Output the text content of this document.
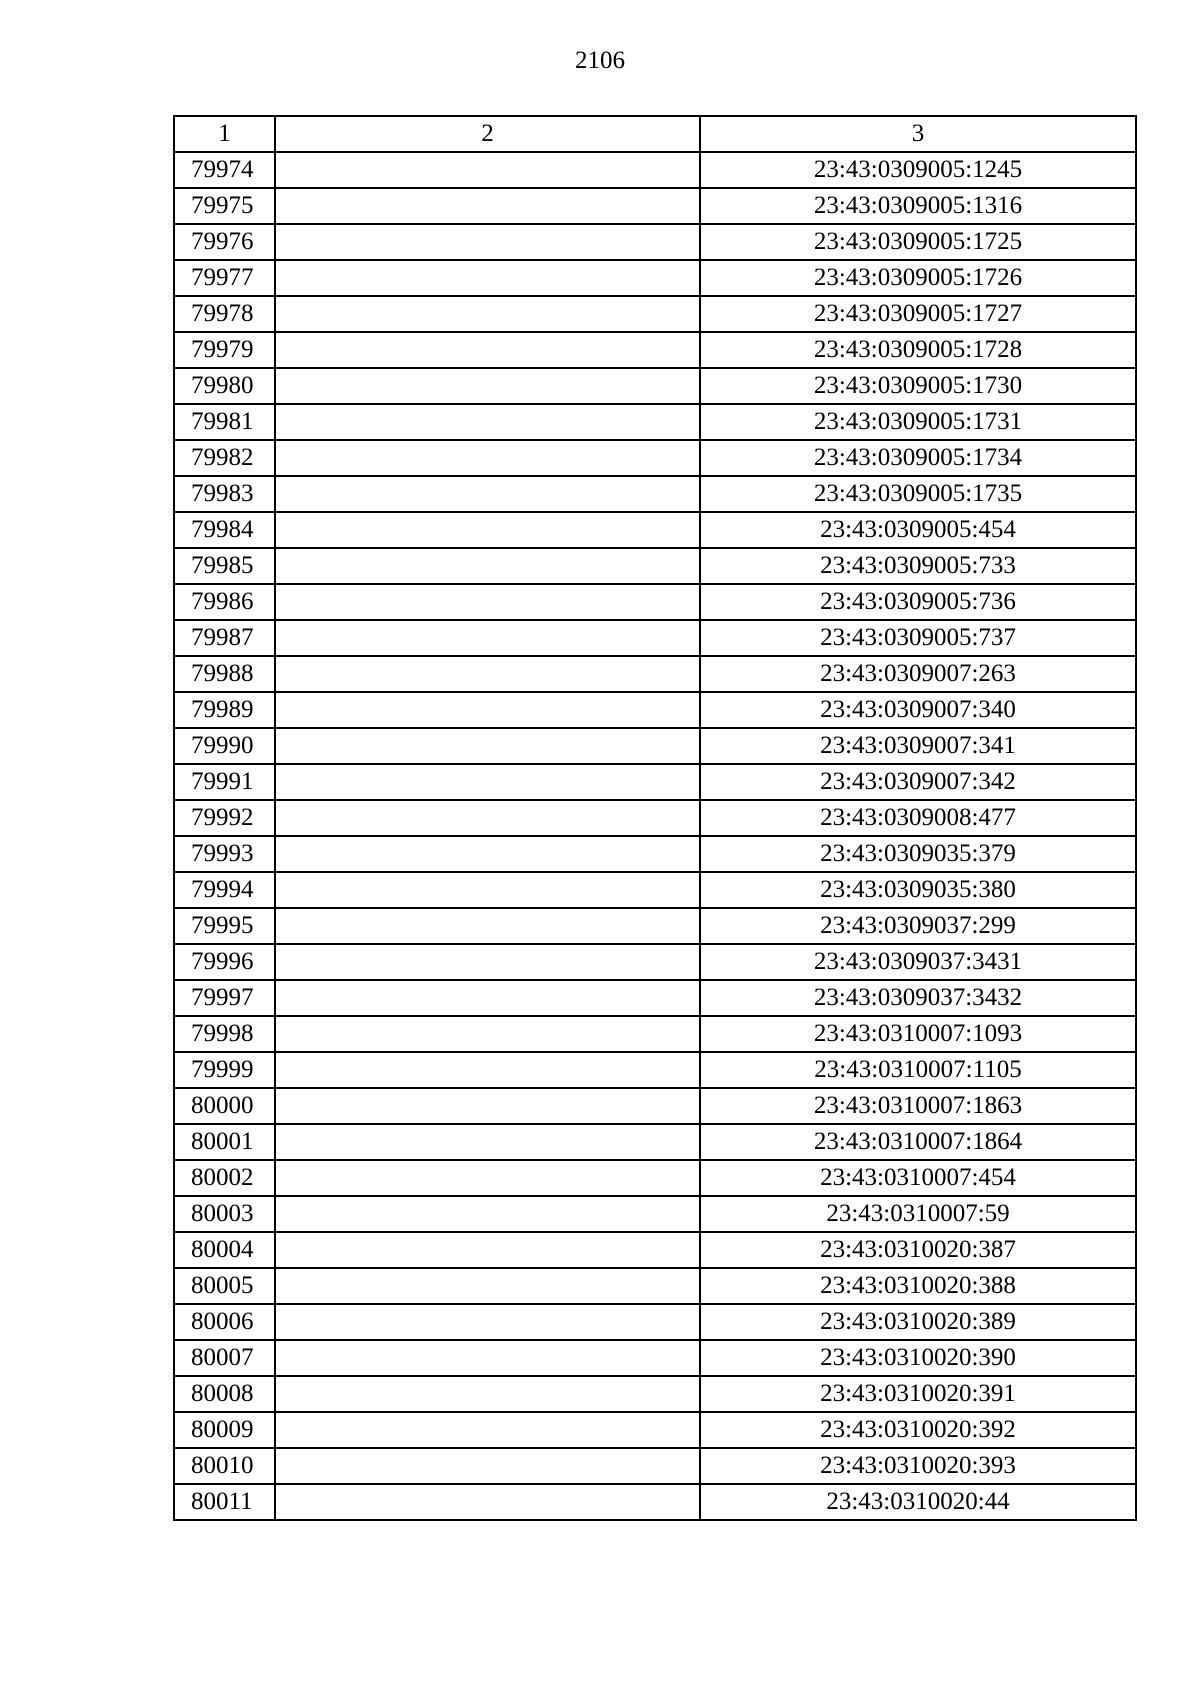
2106
1	2	3
79974		23:43:0309005:1245
79975		23:43:0309005:1316
79976		23:43:0309005:1725
79977		23:43:0309005:1726
79978		23:43:0309005:1727
79979		23:43:0309005:1728
79980		23:43:0309005:1730
79981		23:43:0309005:1731
79982		23:43:0309005:1734
79983		23:43:0309005:1735
79984		23:43:0309005:454
79985		23:43:0309005:733
79986		23:43:0309005:736
79987		23:43:0309005:737
79988		23:43:0309007:263
79989		23:43:0309007:340
79990		23:43:0309007:341
79991		23:43:0309007:342
79992		23:43:0309008:477
79993		23:43:0309035:379
79994		23:43:0309035:380
79995		23:43:0309037:299
79996		23:43:0309037:3431
79997		23:43:0309037:3432
79998		23:43:0310007:1093
79999		23:43:0310007:1105
80000		23:43:0310007:1863
80001		23:43:0310007:1864
80002		23:43:0310007:454
80003		23:43:0310007:59
80004		23:43:0310020:387
80005		23:43:0310020:388
80006		23:43:0310020:389
80007		23:43:0310020:390
80008		23:43:0310020:391
80009		23:43:0310020:392
80010		23:43:0310020:393
80011		23:43:0310020:44
